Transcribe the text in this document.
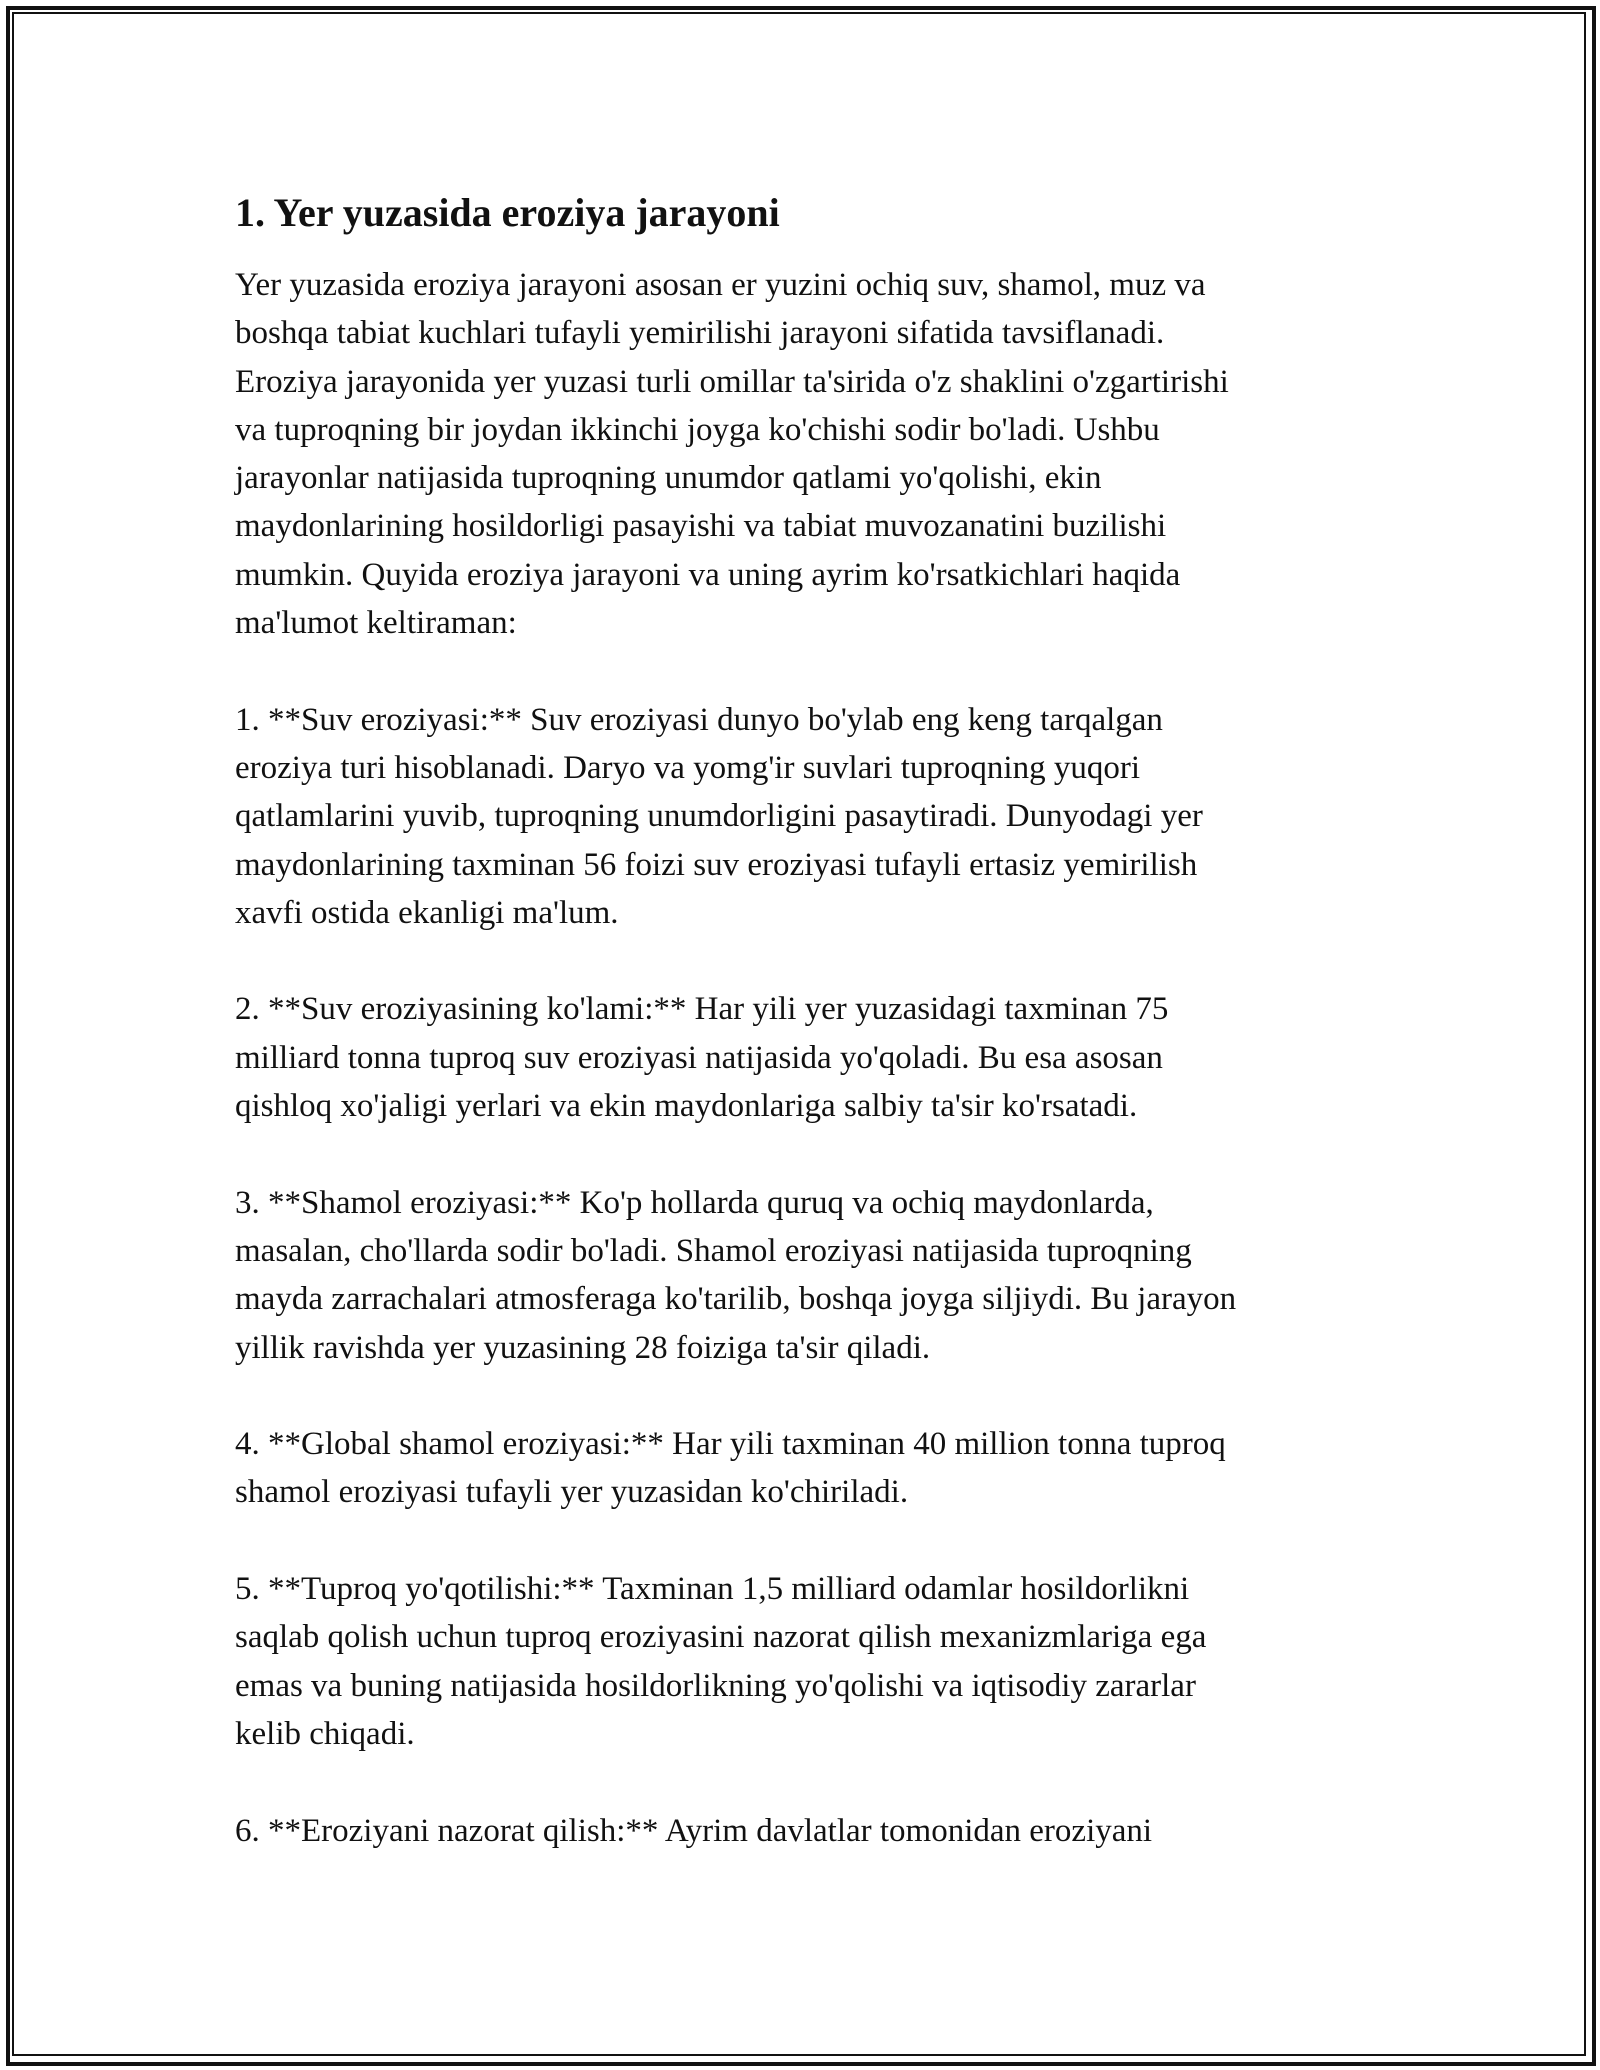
1. Yer yuzasida eroziya jarayoni

Yer yuzasida eroziya jarayoni asosan er yuzini ochiq suv, shamol, muz va
boshqa tabiat kuchlari tufayli yemirilishi jarayoni sifatida tavsiflanadi.
Eroziya jarayonida yer yuzasi turli omillar ta'sirida o'z shaklini o'zgartirishi
va tuproqning bir joydan ikkinchi joyga ko'chishi sodir bo'ladi. Ushbu
jarayonlar natijasida tuproqning unumdor qatlami yo'qolishi, ekin
maydonlarining hosildorligi pasayishi va tabiat muvozanatini buzilishi
mumkin. Quyida eroziya jarayoni va uning ayrim ko'rsatkichlari haqida
ma'lumot keltiraman:

1. **Suv eroziyasi:** Suv eroziyasi dunyo bo'ylab eng keng tarqalgan
eroziya turi hisoblanadi. Daryo va yomg'ir suvlari tuproqning yuqori
qatlamlarini yuvib, tuproqning unumdorligini pasaytiradi. Dunyodagi yer
maydonlarining taxminan 56 foizi suv eroziyasi tufayli ertasiz yemirilish
xavfi ostida ekanligi ma'lum.

2. **Suv eroziyasining ko'lami:** Har yili yer yuzasidagi taxminan 75
milliard tonna tuproq suv eroziyasi natijasida yo'qoladi. Bu esa asosan
qishloq xo'jaligi yerlari va ekin maydonlariga salbiy ta'sir ko'rsatadi.

3. **Shamol eroziyasi:** Ko'p hollarda quruq va ochiq maydonlarda,
masalan, cho'llarda sodir bo'ladi. Shamol eroziyasi natijasida tuproqning
mayda zarrachalari atmosferaga ko'tarilib, boshqa joyga siljiydi. Bu jarayon
yillik ravishda yer yuzasining 28 foiziga ta'sir qiladi.

4. **Global shamol eroziyasi:** Har yili taxminan 40 million tonna tuproq
shamol eroziyasi tufayli yer yuzasidan ko'chiriladi.

5. **Tuproq yo'qotilishi:** Taxminan 1,5 milliard odamlar hosildorlikni
saqlab qolish uchun tuproq eroziyasini nazorat qilish mexanizmlariga ega
emas va buning natijasida hosildorlikning yo'qolishi va iqtisodiy zararlar
kelib chiqadi.

6. **Eroziyani nazorat qilish:** Ayrim davlatlar tomonidan eroziyani
